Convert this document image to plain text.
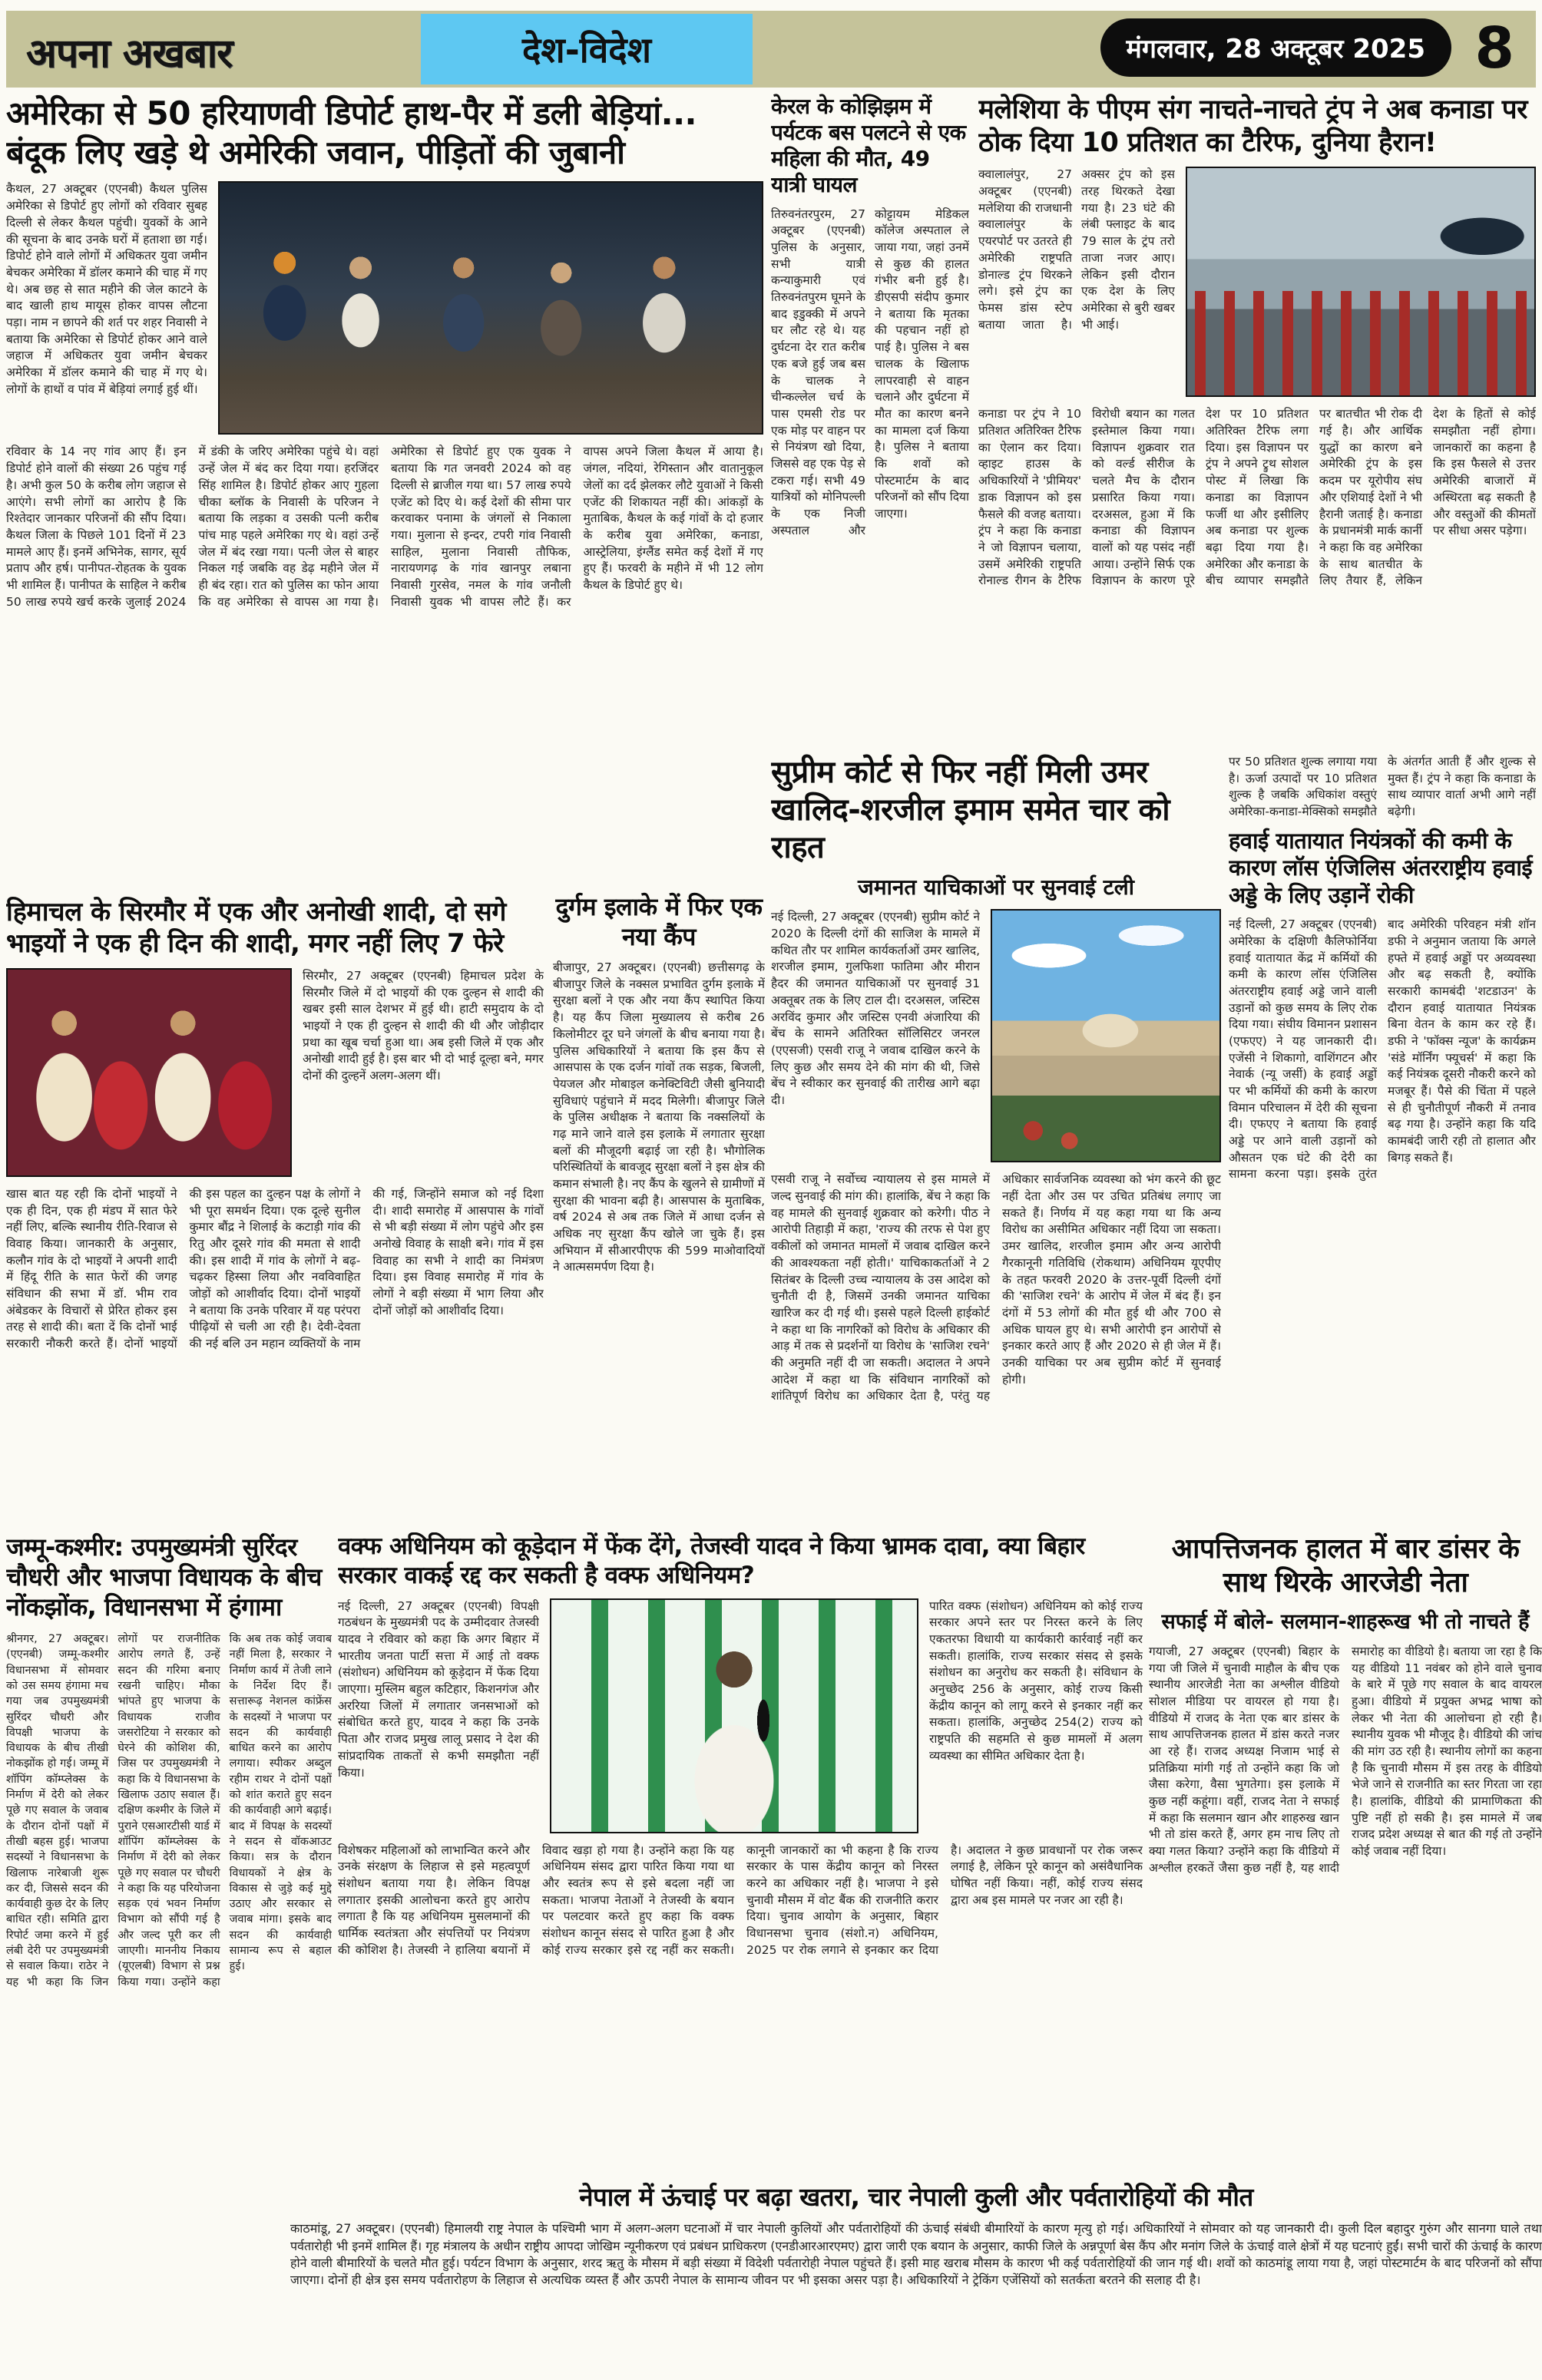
अपना अखबार	देश-विदेश	मंगलवार, 28 अक्टूबर 2025 8
अमेरिका से 50 हरियाणवी डिपोर्ट हाथ-पैर में डली बेड़ियां... बंदूक लिए खड़े थे अमेरिकी जवान, पीड़ितों की जुबानी
कैथल, 27 अक्टूबर (एएनबी) कैथल पुलिस अमेरिका से डिपोर्ट हुए लोगों को रविवार सुबह दिल्ली से लेकर कैथल पहुंची। युवकों के आने की सूचना के बाद उनके घरों में हताशा छा गई। डिपोर्ट होने वाले लोगों में अधिकतर युवा जमीन बेचकर अमेरिका में डॉलर कमाने की चाह में गए थे। अब छह से सात महीने की जेल काटने के बाद खाली हाथ मायूस होकर वापस लौटना पड़ा। नाम न छापने की शर्त पर शहर निवासी ने बताया कि अमेरिका से डिपोर्ट होकर आने वाले जहाज में अधिकतर युवा जमीन बेचकर अमेरिका में डॉलर कमाने की चाह में गए थे। लोगों के हाथों व पांव में बेड़ियां लगाई हुई थीं।
रविवार के 14 नए गांव आए हैं। इन डिपोर्ट होने वालों की संख्या 26 पहुंच गई है। अभी कुल 50 के करीब लोग जहाज से आएंगे। सभी लोगों का आरोप है कि रिश्तेदार जानकार परिजनों की सौंप दिया। कैथल जिला के पिछले 101 दिनों में 23 मामले आए हैं। इनमें अभिनेक, सागर, सूर्य प्रताप और हर्ष। पानीपत-रोहतक के युवक भी शामिल हैं। पानीपत के साहिल ने करीब 50 लाख रुपये खर्च करके जुलाई 2024 में डंकी के जरिए अमेरिका पहुंचे थे। वहां उन्हें जेल में बंद कर दिया गया। हरजिंदर सिंह शामिल है। डिपोर्ट होकर आए गुहला चीका ब्लॉक के निवासी के परिजन ने बताया कि लड़का व उसकी पत्नी करीब पांच माह पहले अमेरिका गए थे। वहां उन्हें जेल में बंद रखा गया। पत्नी जेल से बाहर निकल गई जबकि वह डेढ़ महीने जेल में ही बंद रहा। रात को पुलिस का फोन आया कि वह अमेरिका से वापस आ गया है। अमेरिका से डिपोर्ट हुए एक युवक ने बताया कि गत जनवरी 2024 को वह दिल्ली से ब्राजील गया था। 57 लाख रुपये एजेंट को दिए थे। कई देशों की सीमा पार करवाकर पनामा के जंगलों से निकाला गया। मुलाना से इन्दर, टपरी गांव निवासी साहिल, मुलाना निवासी तौफिक, नारायणगढ़ के गांव खानपुर लबाना निवासी गुरसेव, नमल के गांव जनौली निवासी युवक भी वापस लौटे हैं। कर वापस अपने जिला कैथल में आया है। जंगल, नदियां, रेगिस्तान और वातानुकूल जेलों का दर्द झेलकर लौटे युवाओं ने किसी एजेंट की शिकायत नहीं की। आंकड़ों के मुताबिक, कैथल के कई गांवों के दो हजार के करीब युवा अमेरिका, कनाडा, आस्ट्रेलिया, इंग्लैंड समेत कई देशों में गए हुए हैं। फरवरी के महीने में भी 12 लोग कैथल के डिपोर्ट हुए थे।
केरल के कोझिझम में पर्यटक बस पलटने से एक महिला की मौत, 49 यात्री घायल
तिरुवनंतरपुरम, 27 अक्टूबर (एएनबी) पुलिस के अनुसार, सभी यात्री कन्याकुमारी एवं तिरुवनंतपुरम घूमने के बाद इडुक्की में अपने घर लौट रहे थे। यह दुर्घटना देर रात करीब एक बजे हुई जब बस के चालक ने चीन्कल्लेल चर्च के पास एमसी रोड पर एक मोड़ पर वाहन पर से नियंत्रण खो दिया, जिससे वह एक पेड़ से टकरा गई। सभी 49 यात्रियों को मोनिपल्ली के एक निजी अस्पताल और कोट्टायम मेडिकल कॉलेज अस्पताल ले जाया गया, जहां उनमें से कुछ की हालत गंभीर बनी हुई है। डीएसपी संदीप कुमार ने बताया कि मृतका की पहचान नहीं हो पाई है। पुलिस ने बस चालक के खिलाफ लापरवाही से वाहन चलाने और दुर्घटना में मौत का कारण बनने का मामला दर्ज किया है। पुलिस ने बताया कि शवों को पोस्टमार्टम के बाद परिजनों को सौंप दिया जाएगा।
मलेशिया के पीएम संग नाचते-नाचते ट्रंप ने अब कनाडा पर ठोक दिया 10 प्रतिशत का टैरिफ, दुनिया हैरान!
क्वालालंपुर, 27 अक्टूबर (एएनबी) मलेशिया की राजधानी क्वालालंपुर के एयरपोर्ट पर उतरते ही अमेरिकी राष्ट्रपति डोनाल्ड ट्रंप थिरकने लगे। इसे ट्रंप का फेमस डांस स्टेप बताया जाता है। अक्सर ट्रंप को इस तरह थिरकते देखा गया है। 23 घंटे की लंबी फ्लाइट के बाद 79 साल के ट्रंप तरो ताजा नजर आए। लेकिन इसी दौरान एक देश के लिए अमेरिका से बुरी खबर भी आई।
कनाडा पर ट्रंप ने 10 प्रतिशत अतिरिक्त टैरिफ का ऐलान कर दिया। व्हाइट हाउस के अधिकारियों ने 'प्रीमियर' डाक विज्ञापन को इस फैसले की वजह बताया। ट्रंप ने कहा कि कनाडा ने जो विज्ञापन चलाया, उसमें अमेरिकी राष्ट्रपति रोनाल्ड रीगन के टैरिफ विरोधी बयान का गलत इस्तेमाल किया गया। विज्ञापन शुक्रवार रात को वर्ल्ड सीरीज के चलते मैच के दौरान प्रसारित किया गया। दरअसल, हुआ में कि कनाडा की विज्ञापन वालों को यह पसंद नहीं आया। उन्होंने सिर्फ एक विज्ञापन के कारण पूरे देश पर 10 प्रतिशत अतिरिक्त टैरिफ लगा दिया। इस विज्ञापन पर ट्रंप ने अपने ट्रुथ सोशल पोस्ट में लिखा कि कनाडा का विज्ञापन फर्जी था और इसीलिए अब कनाडा पर शुल्क बढ़ा दिया गया है। अमेरिका और कनाडा के बीच व्यापार समझौते पर बातचीत भी रोक दी गई है। और आर्थिक युद्धों का कारण बने अमेरिकी ट्रंप के इस कदम पर यूरोपीय संघ और एशियाई देशों ने भी हैरानी जताई है। कनाडा के प्रधानमंत्री मार्क कार्नी ने कहा कि वह अमेरिका के साथ बातचीत के लिए तैयार हैं, लेकिन देश के हितों से कोई समझौता नहीं होगा। जानकारों का कहना है कि इस फैसले से उत्तर अमेरिकी बाजारों में अस्थिरता बढ़ सकती है और वस्तुओं की कीमतों पर सीधा असर पड़ेगा।
सुप्रीम कोर्ट से फिर नहीं मिली उमर खालिद-शरजील इमाम समेत चार को राहत
जमानत याचिकाओं पर सुनवाई टली
नई दिल्ली, 27 अक्टूबर (एएनबी) सुप्रीम कोर्ट ने 2020 के दिल्ली दंगों की साजिश के मामले में कथित तौर पर शामिल कार्यकर्ताओं उमर खालिद, शरजील इमाम, गुलफिशा फातिमा और मीरान हैदर की जमानत याचिकाओं पर सुनवाई 31 अक्तूबर तक के लिए टाल दी। दरअसल, जस्टिस अरविंद कुमार और जस्टिस एनवी अंजारिया की बेंच के सामने अतिरिक्त सॉलिसिटर जनरल (एएसजी) एसवी राजू ने जवाब दाखिल करने के लिए कुछ और समय देने की मांग की थी, जिसे बेंच ने स्वीकार कर सुनवाई की तारीख आगे बढ़ा दी।
एसवी राजू ने सर्वोच्च न्यायालय से इस मामले में जल्द सुनवाई की मांग की। हालांकि, बेंच ने कहा कि वह मामले की सुनवाई शुक्रवार को करेगी। पीठ ने आरोपी तिहाड़ी में कहा, 'राज्य की तरफ से पेश हुए वकीलों को जमानत मामलों में जवाब दाखिल करने की आवश्यकता नहीं होती।' याचिकाकर्ताओं ने 2 सितंबर के दिल्ली उच्च न्यायालय के उस आदेश को चुनौती दी है, जिसमें उनकी जमानत याचिका खारिज कर दी गई थी। इससे पहले दिल्ली हाईकोर्ट ने कहा था कि नागरिकों को विरोध के अधिकार की आड़ में तक से प्रदर्शनों या विरोध के 'साजिश रचने' की अनुमति नहीं दी जा सकती। अदालत ने अपने आदेश में कहा था कि संविधान नागरिकों को शांतिपूर्ण विरोध का अधिकार देता है, परंतु यह अधिकार सार्वजनिक व्यवस्था को भंग करने की छूट नहीं देता और उस पर उचित प्रतिबंध लगाए जा सकते हैं। निर्णय में यह कहा गया था कि अन्य विरोध का असीमित अधिकार नहीं दिया जा सकता। उमर खालिद, शरजील इमाम और अन्य आरोपी गैरकानूनी गतिविधि (रोकथाम) अधिनियम यूएपीए के तहत फरवरी 2020 के उत्तर-पूर्वी दिल्ली दंगों की 'साजिश रचने' के आरोप में जेल में बंद हैं। इन दंगों में 53 लोगों की मौत हुई थी और 700 से अधिक घायल हुए थे। सभी आरोपी इन आरोपों से इनकार करते आए हैं और 2020 से ही जेल में हैं। उनकी याचिका पर अब सुप्रीम कोर्ट में सुनवाई होगी।
हिमाचल के सिरमौर में एक और अनोखी शादी, दो सगे भाइयों ने एक ही दिन की शादी, मगर नहीं लिए 7 फेरे
सिरमौर, 27 अक्टूबर (एएनबी) हिमाचल प्रदेश के सिरमौर जिले में दो भाइयों की एक दुल्हन से शादी की खबर इसी साल देशभर में हुई थी। हाटी समुदाय के दो भाइयों ने एक ही दुल्हन से शादी की थी और जोड़ीदार प्रथा का खूब चर्चा हुआ था। अब इसी जिले में एक और अनोखी शादी हुई है। इस बार भी दो भाई दूल्हा बने, मगर दोनों की दुल्हनें अलग-अलग थीं।
खास बात यह रही कि दोनों भाइयों ने एक ही दिन, एक ही मंडप में सात फेरे नहीं लिए, बल्कि स्थानीय रीति-रिवाज से विवाह किया। जानकारी के अनुसार, कलौन गांव के दो भाइयों ने अपनी शादी में हिंदू रीति के सात फेरों की जगह संविधान की सभा में डॉ. भीम राव अंबेडकर के विचारों से प्रेरित होकर इस तरह से शादी की। बता दें कि दोनों भाई सरकारी नौकरी करते हैं। दोनों भाइयों की इस पहल का दुल्हन पक्ष के लोगों ने भी पूरा समर्थन दिया। एक दूल्हे सुनील कुमार बौंद्र ने शिलाई के कटाड़ी गांव की रितु और दूसरे गांव की ममता से शादी की। इस शादी में गांव के लोगों ने बढ़-चढ़कर हिस्सा लिया और नवविवाहित जोड़ों को आशीर्वाद दिया। दोनों भाइयों ने बताया कि उनके परिवार में यह परंपरा पीढ़ियों से चली आ रही है। देवी-देवता की नई बलि उन महान व्यक्तियों के नाम की गई, जिन्होंने समाज को नई दिशा दी। शादी समारोह में आसपास के गांवों से भी बड़ी संख्या में लोग पहुंचे और इस अनोखे विवाह के साक्षी बने। गांव में इस विवाह का सभी ने शादी का निमंत्रण दिया। इस विवाह समारोह में गांव के लोगों ने बड़ी संख्या में भाग लिया और दोनों जोड़ों को आशीर्वाद दिया।
दुर्गम इलाके में फिर एक नया कैंप
बीजापुर, 27 अक्टूबर। (एएनबी) छत्तीसगढ़ के बीजापुर जिले के नक्सल प्रभावित दुर्गम इलाके में सुरक्षा बलों ने एक और नया कैंप स्थापित किया है। यह कैंप जिला मुख्यालय से करीब 26 किलोमीटर दूर घने जंगलों के बीच बनाया गया है। पुलिस अधिकारियों ने बताया कि इस कैंप से आसपास के एक दर्जन गांवों तक सड़क, बिजली, पेयजल और मोबाइल कनेक्टिविटी जैसी बुनियादी सुविधाएं पहुंचाने में मदद मिलेगी। बीजापुर जिले के पुलिस अधीक्षक ने बताया कि नक्सलियों के गढ़ माने जाने वाले इस इलाके में लगातार सुरक्षा बलों की मौजूदगी बढ़ाई जा रही है। भौगोलिक परिस्थितियों के बावजूद सुरक्षा बलों ने इस क्षेत्र की कमान संभाली है। नए कैंप के खुलने से ग्रामीणों में सुरक्षा की भावना बढ़ी है। आसपास के मुताबिक, वर्ष 2024 से अब तक जिले में आधा दर्जन से अधिक नए सुरक्षा कैंप खोले जा चुके हैं। इस अभियान में सीआरपीएफ की 599 माओवादियों ने आत्मसमर्पण दिया है।
पर 50 प्रतिशत शुल्क लगाया गया है। ऊर्जा उत्पादों पर 10 प्रतिशत शुल्क है जबकि अधिकांश वस्तुएं अमेरिका-कनाडा-मेक्सिको समझौते के अंतर्गत आती हैं और शुल्क से मुक्त हैं। ट्रंप ने कहा कि कनाडा के साथ व्यापार वार्ता अभी आगे नहीं बढ़ेगी।
हवाई यातायात नियंत्रकों की कमी के कारण लॉस एंजिलिस अंतरराष्ट्रीय हवाई अड्डे के लिए उड़ानें रोकी
नई दिल्ली, 27 अक्टूबर (एएनबी) अमेरिका के दक्षिणी कैलिफोर्निया हवाई यातायात केंद्र में कर्मियों की कमी के कारण लॉस एंजिलिस अंतरराष्ट्रीय हवाई अड्डे जाने वाली उड़ानों को कुछ समय के लिए रोक दिया गया। संघीय विमानन प्रशासन (एफएए) ने यह जानकारी दी। एजेंसी ने शिकागो, वाशिंगटन और नेवार्क (न्यू जर्सी) के हवाई अड्डों पर भी कर्मियों की कमी के कारण विमान परिचालन में देरी की सूचना दी। एफएए ने बताया कि हवाई अड्डे पर आने वाली उड़ानों को औसतन एक घंटे की देरी का सामना करना पड़ा। इसके तुरंत बाद अमेरिकी परिवहन मंत्री शॉन डफी ने अनुमान जताया कि अगले हफ्ते में हवाई अड्डों पर अव्यवस्था और बढ़ सकती है, क्योंकि सरकारी कामबंदी 'शटडाउन' के दौरान हवाई यातायात नियंत्रक बिना वेतन के काम कर रहे हैं। डफी ने 'फॉक्स न्यूज' के कार्यक्रम 'संडे मॉर्निंग फ्यूचर्स' में कहा कि कई नियंत्रक दूसरी नौकरी करने को मजबूर हैं। पैसे की चिंता में पहले से ही चुनौतीपूर्ण नौकरी में तनाव बढ़ गया है। उन्होंने कहा कि यदि कामबंदी जारी रही तो हालात और बिगड़ सकते हैं।
जम्मू-कश्मीर: उपमुख्यमंत्री सुरिंदर चौधरी और भाजपा विधायक के बीच नोंकझोंक, विधानसभा में हंगामा
श्रीनगर, 27 अक्टूबर। (एएनबी) जम्मू-कश्मीर विधानसभा में सोमवार को उस समय हंगामा मच गया जब उपमुख्यमंत्री सुरिंदर चौधरी और विपक्षी भाजपा के विधायक के बीच तीखी नोकझोंक हो गई। जम्मू में शॉपिंग कॉम्प्लेक्स के निर्माण में देरी को लेकर पूछे गए सवाल के जवाब के दौरान दोनों पक्षों में तीखी बहस हुई। भाजपा सदस्यों ने विधानसभा के खिलाफ नारेबाजी शुरू कर दी, जिससे सदन की कार्यवाही कुछ देर के लिए बाधित रही। समिति द्वारा रिपोर्ट जमा करने में हुई लंबी देरी पर उपमुख्यमंत्री से सवाल किया। राठेर ने यह भी कहा कि जिन लोगों पर राजनीतिक आरोप लगते हैं, उन्हें सदन की गरिमा बनाए रखनी चाहिए। मौका भांपते हुए भाजपा के विधायक राजीव जसरोटिया ने सरकार को घेरने की कोशिश की, जिस पर उपमुख्यमंत्री ने कहा कि ये विधानसभा के खिलाफ उठाए सवाल हैं। दक्षिण कश्मीर के जिले में पुराने एसआरटीसी यार्ड में शॉपिंग कॉम्प्लेक्स के निर्माण में देरी को लेकर पूछे गए सवाल पर चौधरी ने कहा कि यह परियोजना सड़क एवं भवन निर्माण विभाग को सौंपी गई है और जल्द पूरी कर ली जाएगी। माननीय निकाय (यूएलबी) विभाग से प्रश्न किया गया। उन्होंने कहा कि अब तक कोई जवाब नहीं मिला है, सरकार ने निर्माण कार्य में तेजी लाने के निर्देश दिए हैं। सत्तारूढ़ नेशनल कांफ्रेंस के सदस्यों ने भाजपा पर सदन की कार्यवाही बाधित करने का आरोप लगाया। स्पीकर अब्दुल रहीम राथर ने दोनों पक्षों को शांत कराते हुए सदन की कार्यवाही आगे बढ़ाई। बाद में विपक्ष के सदस्यों ने सदन से वॉकआउट किया। सत्र के दौरान विधायकों ने क्षेत्र के विकास से जुड़े कई मुद्दे उठाए और सरकार से जवाब मांगा। इसके बाद सदन की कार्यवाही सामान्य रूप से बहाल हुई।
वक्फ अधिनियम को कूड़ेदान में फेंक देंगे, तेजस्वी यादव ने किया भ्रामक दावा, क्या बिहार सरकार वाकई रद्द कर सकती है वक्फ अधिनियम?
नई दिल्ली, 27 अक्टूबर (एएनबी) विपक्षी गठबंधन के मुख्यमंत्री पद के उम्मीदवार तेजस्वी यादव ने रविवार को कहा कि अगर बिहार में भारतीय जनता पार्टी सत्ता में आई तो वक्फ (संशोधन) अधिनियम को कूड़ेदान में फेंक दिया जाएगा। मुस्लिम बहुल कटिहार, किशनगंज और अररिया जिलों में लगातार जनसभाओं को संबोधित करते हुए, यादव ने कहा कि उनके पिता और राजद प्रमुख लालू प्रसाद ने देश की सांप्रदायिक ताकतों से कभी समझौता नहीं किया।
पारित वक्फ (संशोधन) अधिनियम को कोई राज्य सरकार अपने स्तर पर निरस्त करने के लिए एकतरफा विधायी या कार्यकारी कार्रवाई नहीं कर सकती। हालांकि, राज्य सरकार संसद से इसके संशोधन का अनुरोध कर सकती है। संविधान के अनुच्छेद 256 के अनुसार, कोई राज्य किसी केंद्रीय कानून को लागू करने से इनकार नहीं कर सकता। हालांकि, अनुच्छेद 254(2) राज्य को राष्ट्रपति की सहमति से कुछ मामलों में अलग व्यवस्था का सीमित अधिकार देता है।
विशेषकर महिलाओं को लाभान्वित करने और उनके संरक्षण के लिहाज से इसे महत्वपूर्ण संशोधन बताया गया है। लेकिन विपक्ष लगातार इसकी आलोचना करते हुए आरोप लगाता है कि यह अधिनियम मुसलमानों की धार्मिक स्वतंत्रता और संपत्तियों पर नियंत्रण की कोशिश है। तेजस्वी ने हालिया बयानों में विवाद खड़ा हो गया है। उन्होंने कहा कि यह अधिनियम संसद द्वारा पारित किया गया था और स्वतंत्र रूप से इसे बदला नहीं जा सकता। भाजपा नेताओं ने तेजस्वी के बयान पर पलटवार करते हुए कहा कि वक्फ संशोधन कानून संसद से पारित हुआ है और कोई राज्य सरकार इसे रद्द नहीं कर सकती। कानूनी जानकारों का भी कहना है कि राज्य सरकार के पास केंद्रीय कानून को निरस्त करने का अधिकार नहीं है। भाजपा ने इसे चुनावी मौसम में वोट बैंक की राजनीति करार दिया। चुनाव आयोग के अनुसार, बिहार विधानसभा चुनाव (संशो.न) अधिनियम, 2025 पर रोक लगाने से इनकार कर दिया है। अदालत ने कुछ प्रावधानों पर रोक जरूर लगाई है, लेकिन पूरे कानून को असंवैधानिक घोषित नहीं किया। नहीं, कोई राज्य संसद द्वारा अब इस मामले पर नजर आ रही है।
आपत्तिजनक हालत में बार डांसर के साथ थिरके आरजेडी नेता
सफाई में बोले- सलमान-शाहरूख भी तो नाचते हैं
गयाजी, 27 अक्टूबर (एएनबी) बिहार के गया जी जिले में चुनावी माहौल के बीच एक स्थानीय आरजेडी नेता का अश्लील वीडियो सोशल मीडिया पर वायरल हो गया है। वीडियो में राजद के नेता एक बार डांसर के साथ आपत्तिजनक हालत में डांस करते नजर आ रहे हैं। राजद अध्यक्ष निजाम भाई से प्रतिक्रिया मांगी गई तो उन्होंने कहा कि जो जैसा करेगा, वैसा भुगतेगा। इस इलाके में कुछ नहीं कहूंगा। वहीं, राजद नेता ने सफाई में कहा कि सलमान खान और शाहरुख खान भी तो डांस करते हैं, अगर हम नाच लिए तो क्या गलत किया? उन्होंने कहा कि वीडियो में अश्लील हरकतें जैसा कुछ नहीं है, यह शादी समारोह का वीडियो है। बताया जा रहा है कि यह वीडियो 11 नवंबर को होने वाले चुनाव के बारे में पूछे गए सवाल के बाद वायरल हुआ। वीडियो में प्रयुक्त अभद्र भाषा को लेकर भी नेता की आलोचना हो रही है। स्थानीय युवक भी मौजूद है। वीडियो की जांच की मांग उठ रही है। स्थानीय लोगों का कहना है कि चुनावी मौसम में इस तरह के वीडियो भेजे जाने से राजनीति का स्तर गिरता जा रहा है। हालांकि, वीडियो की प्रामाणिकता की पुष्टि नहीं हो सकी है। इस मामले में जब राजद प्रदेश अध्यक्ष से बात की गई तो उन्होंने कोई जवाब नहीं दिया।
नेपाल में ऊंचाई पर बढ़ा खतरा, चार नेपाली कुली और पर्वतारोहियों की मौत
काठमांडू, 27 अक्टूबर। (एएनबी) हिमालयी राष्ट्र नेपाल के पश्चिमी भाग में अलग-अलग घटनाओं में चार नेपाली कुलियों और पर्वतारोहियों की ऊंचाई संबंधी बीमारियों के कारण मृत्यु हो गई। अधिकारियों ने सोमवार को यह जानकारी दी। कुली दिल बहादुर गुरुंग और सानगा घाले तथा पर्वतारोही भी इनमें शामिल हैं। गृह मंत्रालय के अधीन राष्ट्रीय आपदा जोखिम न्यूनीकरण एवं प्रबंधन प्राधिकरण (एनडीआरआरएमए) द्वारा जारी एक बयान के अनुसार, काफी जिले के अन्नपूर्णा बेस कैंप और मनांग जिले के ऊंचाई वाले क्षेत्रों में यह घटनाएं हुईं। सभी चारों की ऊंचाई के कारण होने वाली बीमारियों के चलते मौत हुई। पर्यटन विभाग के अनुसार, शरद ऋतु के मौसम में बड़ी संख्या में विदेशी पर्वतारोही नेपाल पहुंचते हैं। इसी माह खराब मौसम के कारण भी कई पर्वतारोहियों की जान गई थी। शवों को काठमांडू लाया गया है, जहां पोस्टमार्टम के बाद परिजनों को सौंपा जाएगा। दोनों ही क्षेत्र इस समय पर्वतारोहण के लिहाज से अत्यधिक व्यस्त हैं और ऊपरी नेपाल के सामान्य जीवन पर भी इसका असर पड़ा है। अधिकारियों ने ट्रेकिंग एजेंसियों को सतर्कता बरतने की सलाह दी है।
